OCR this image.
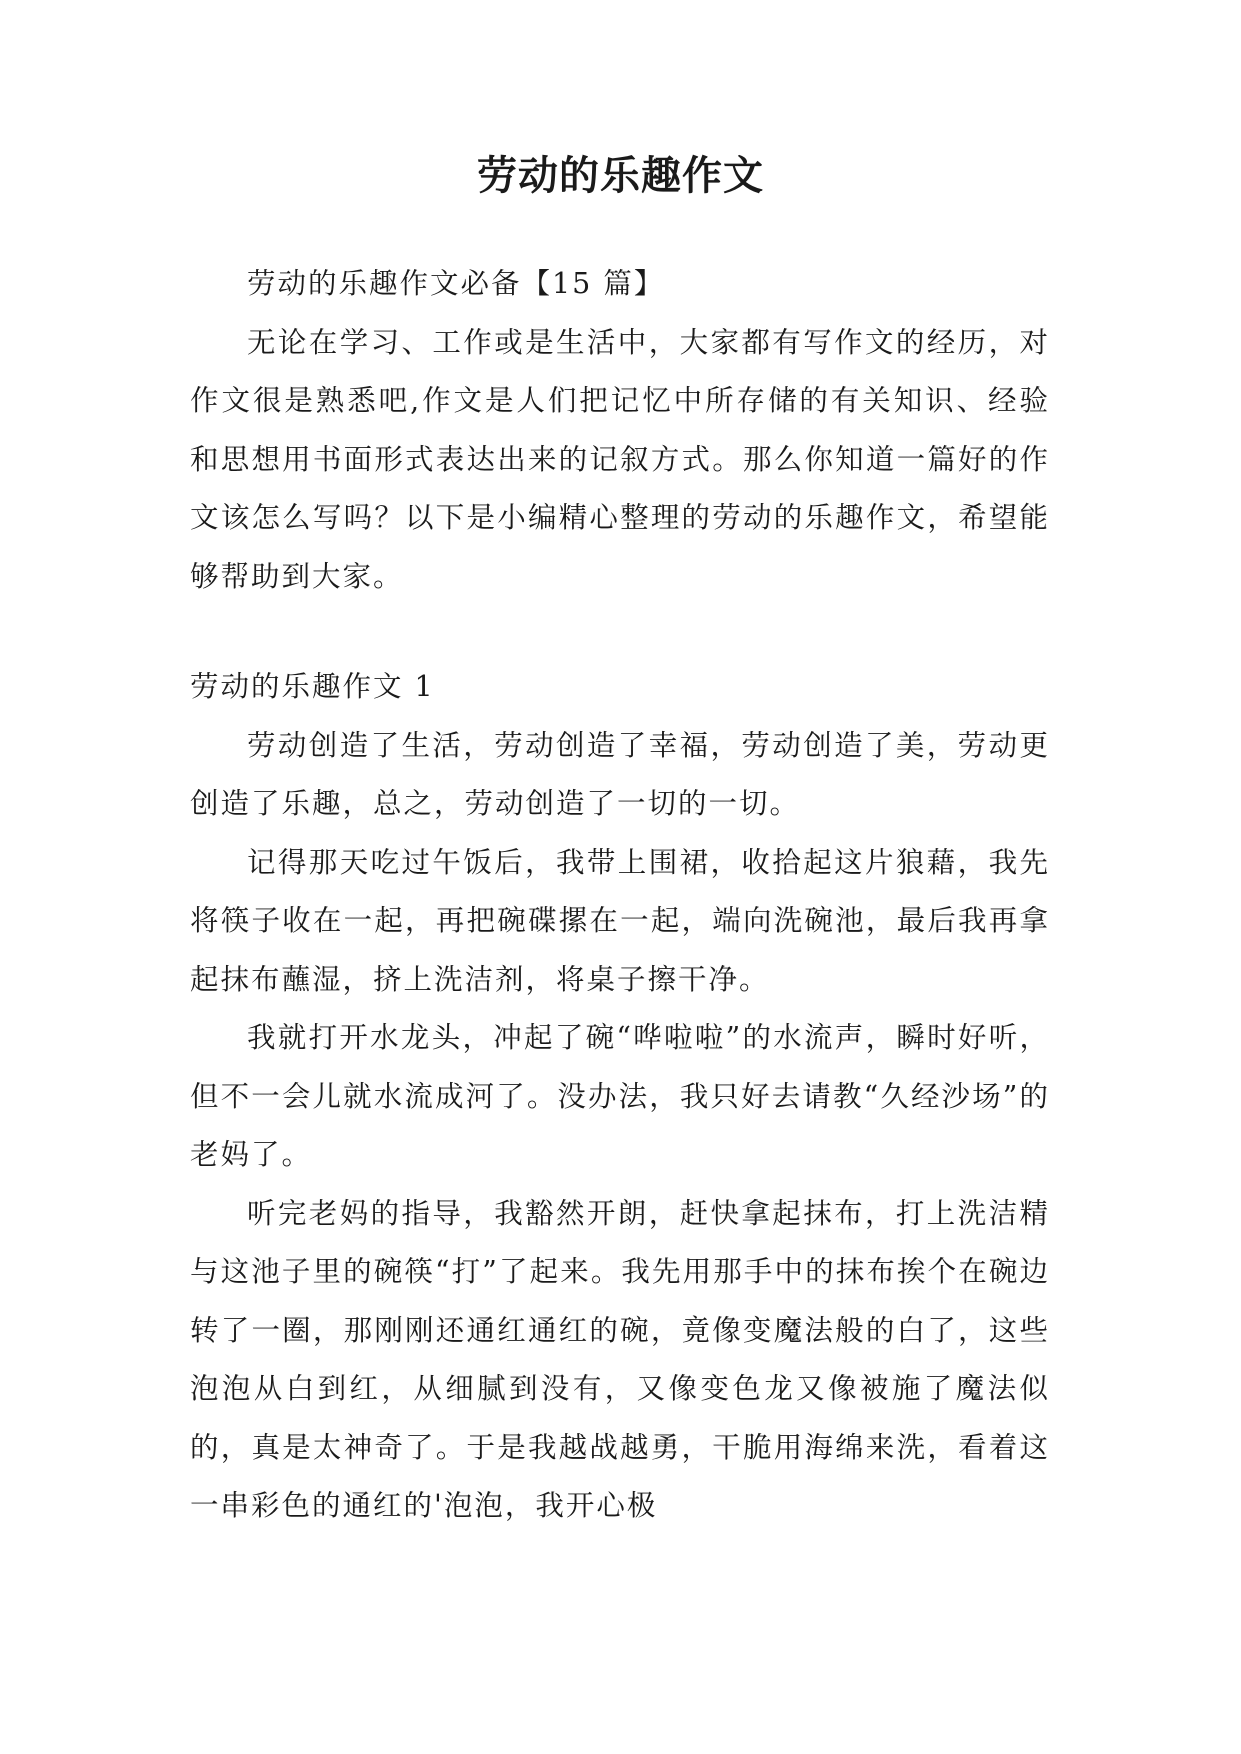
劳动的乐趣作文

劳动的乐趣作文必备【15 篇】

无论在学习、工作或是生活中，大家都有写作文的经历，对作文很是熟悉吧,作文是人们把记忆中所存储的有关知识、经验和思想用书面形式表达出来的记叙方式。那么你知道一篇好的作文该怎么写吗？以下是小编精心整理的劳动的乐趣作文，希望能够帮助到大家。

劳动的乐趣作文 1

劳动创造了生活，劳动创造了幸福，劳动创造了美，劳动更创造了乐趣，总之，劳动创造了一切的一切。

记得那天吃过午饭后，我带上围裙，收拾起这片狼藉，我先将筷子收在一起，再把碗碟摞在一起，端向洗碗池，最后我再拿起抹布蘸湿，挤上洗洁剂，将桌子擦干净。

我就打开水龙头，冲起了碗“哗啦啦”的水流声，瞬时好听，但不一会儿就水流成河了。没办法，我只好去请教“久经沙场”的老妈了。

听完老妈的指导，我豁然开朗，赶快拿起抹布，打上洗洁精与这池子里的碗筷“打”了起来。我先用那手中的抹布挨个在碗边转了一圈，那刚刚还通红通红的碗，竟像变魔法般的白了，这些泡泡从白到红，从细腻到没有，又像变色龙又像被施了魔法似的，真是太神奇了。于是我越战越勇，干脆用海绵来洗，看着这一串彩色的通红的'泡泡，我开心极
